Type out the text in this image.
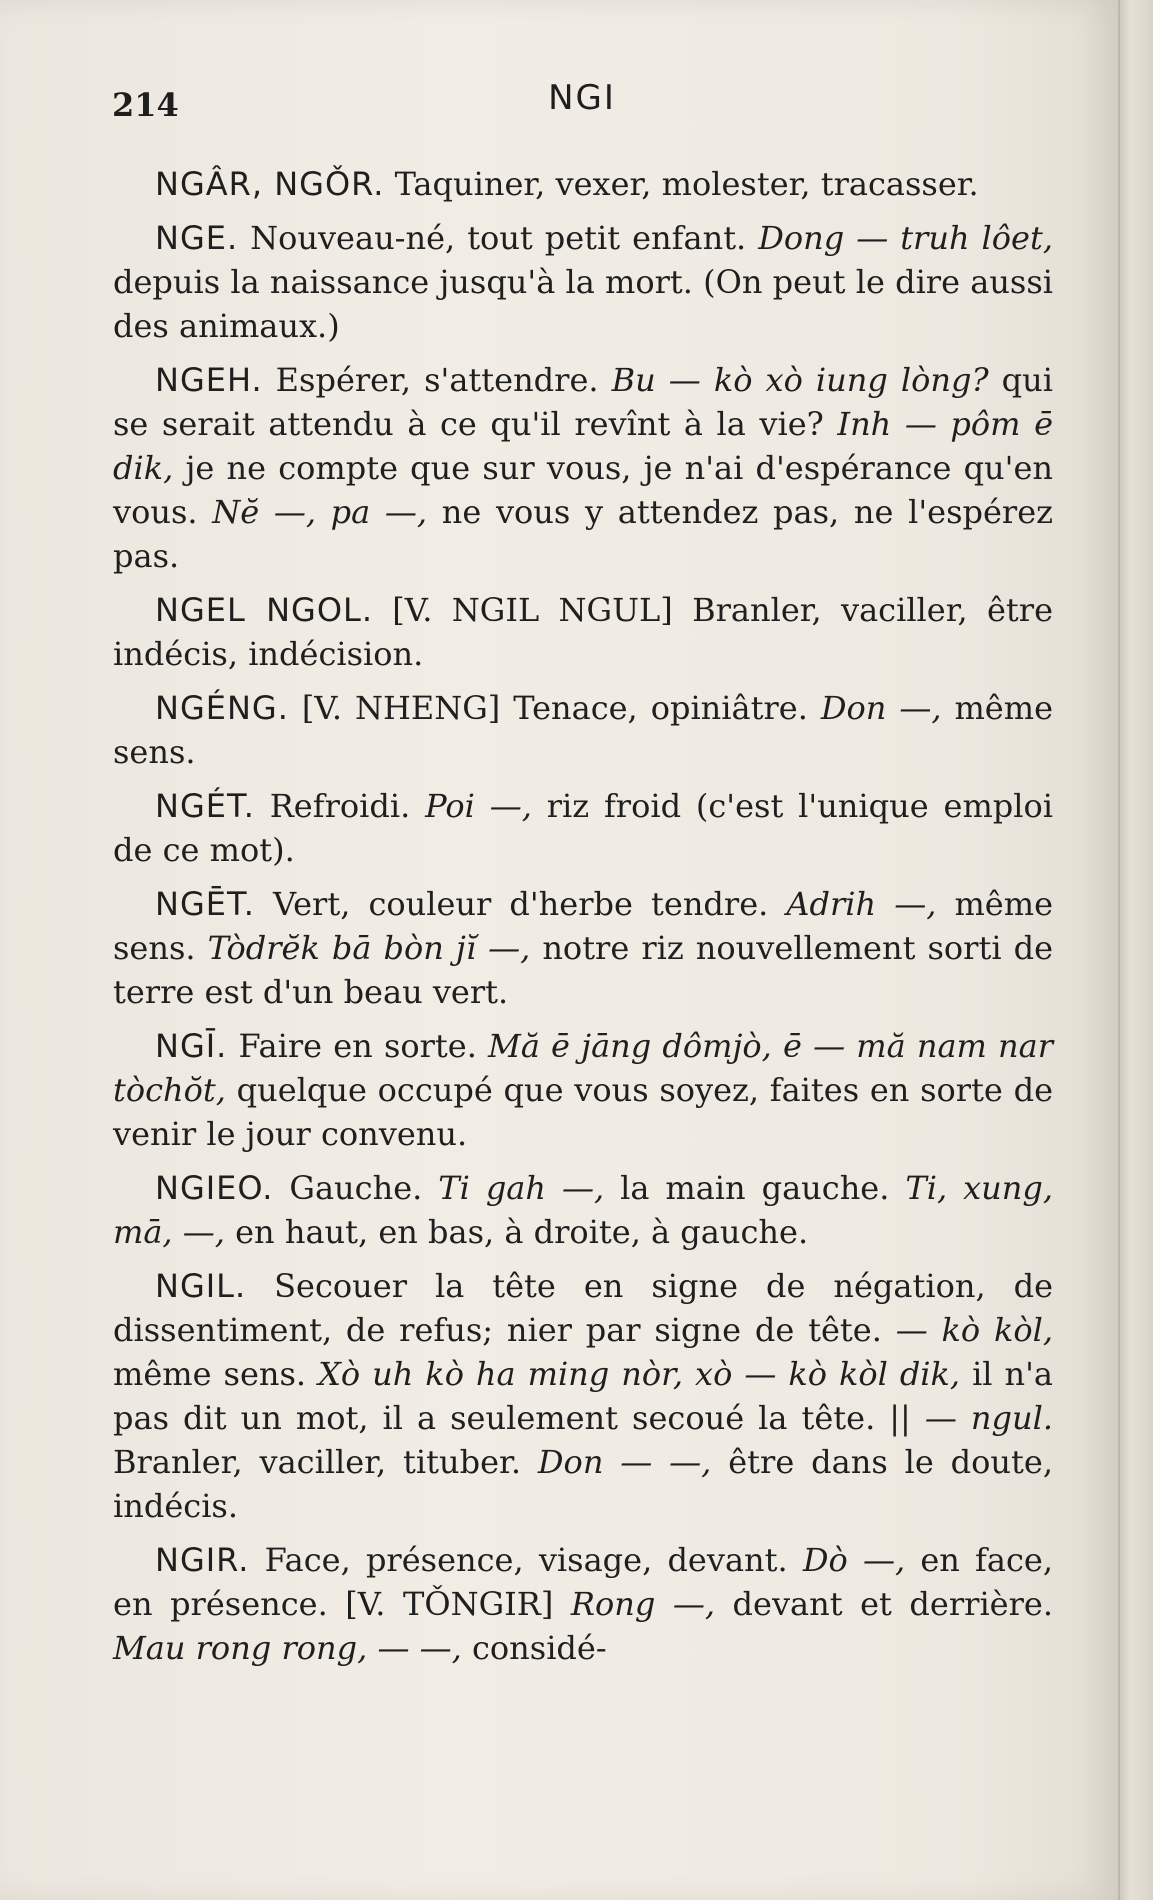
214	NGI

NGÂR, NGǑR. Taquiner, vexer, molester, tracasser.

NGE. Nouveau-né, tout petit enfant. Dong — truh lôet, depuis la naissance jusqu'à la mort. (On peut le dire aussi des animaux.)

NGEH. Espérer, s'attendre. Bu — kò xò iung lòng? qui se serait attendu à ce qu'il revînt à la vie? Inh — pôm ē dik, je ne compte que sur vous, je n'ai d'espérance qu'en vous. Nĕ —, pa —, ne vous y attendez pas, ne l'espérez pas.

NGEL NGOL. [V. NGIL NGUL] Branler, vaciller, être indécis, indécision.

NGÉNG. [V. NHENG] Tenace, opiniâtre. Don —, même sens.

NGÉT. Refroidi. Poi —, riz froid (c'est l'unique emploi de ce mot).

NGĒT. Vert, couleur d'herbe tendre. Adrih —, même sens. Tòdrĕk bā bòn jĭ —, notre riz nouvellement sorti de terre est d'un beau vert.

NGĪ. Faire en sorte. Mă ē jāng dômjò, ē — mă nam nar tòchŏt, quelque occupé que vous soyez, faites en sorte de venir le jour convenu.

NGIEO. Gauche. Ti gah —, la main gauche. Ti, xung, mā, —, en haut, en bas, à droite, à gauche.

NGIL. Secouer la tête en signe de négation, de dissentiment, de refus; nier par signe de tête. — kò kòl, même sens. Xò uh kò ha ming nòr, xò — kò kòl dik, il n'a pas dit un mot, il a seulement secoué la tête. || — ngul. Branler, vaciller, tituber. Don — —, être dans le doute, indécis.

NGIR. Face, présence, visage, devant. Dò —, en face, en présence. [V. TǑNGIR] Rong —, devant et derrière. Mau rong rong, — —, considé-
